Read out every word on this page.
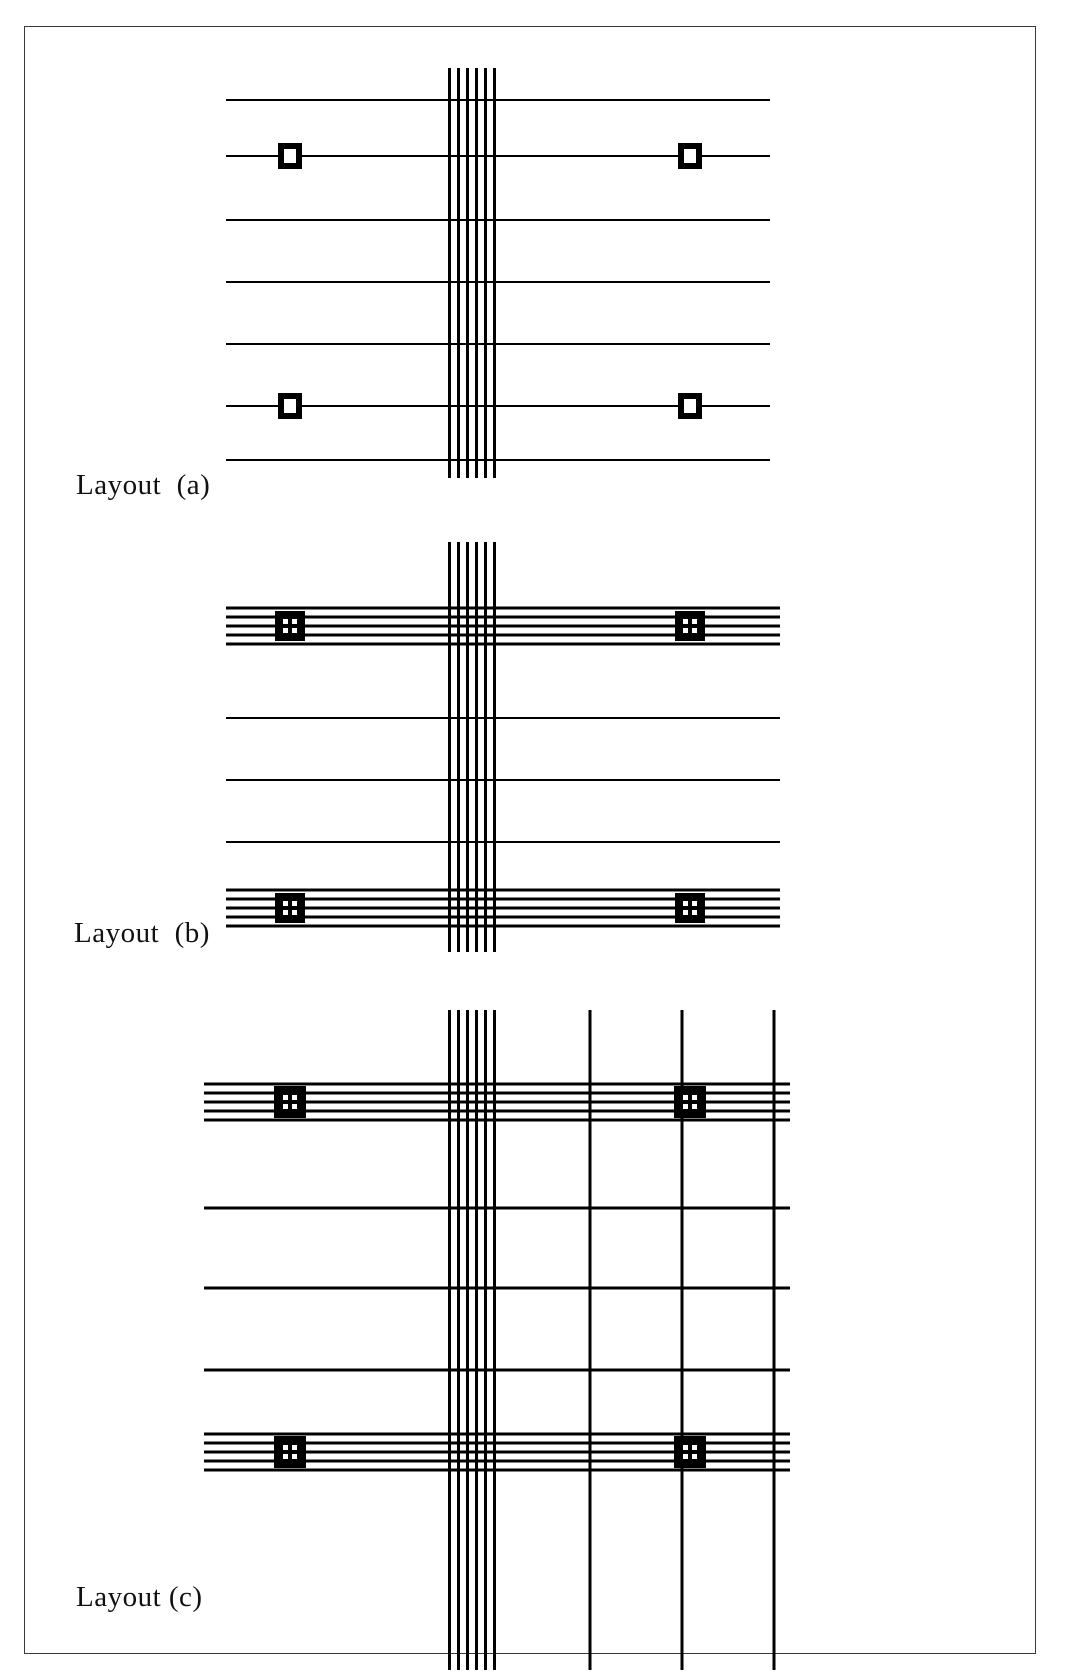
Layout  (a)
Layout  (b)
Layout (c)
